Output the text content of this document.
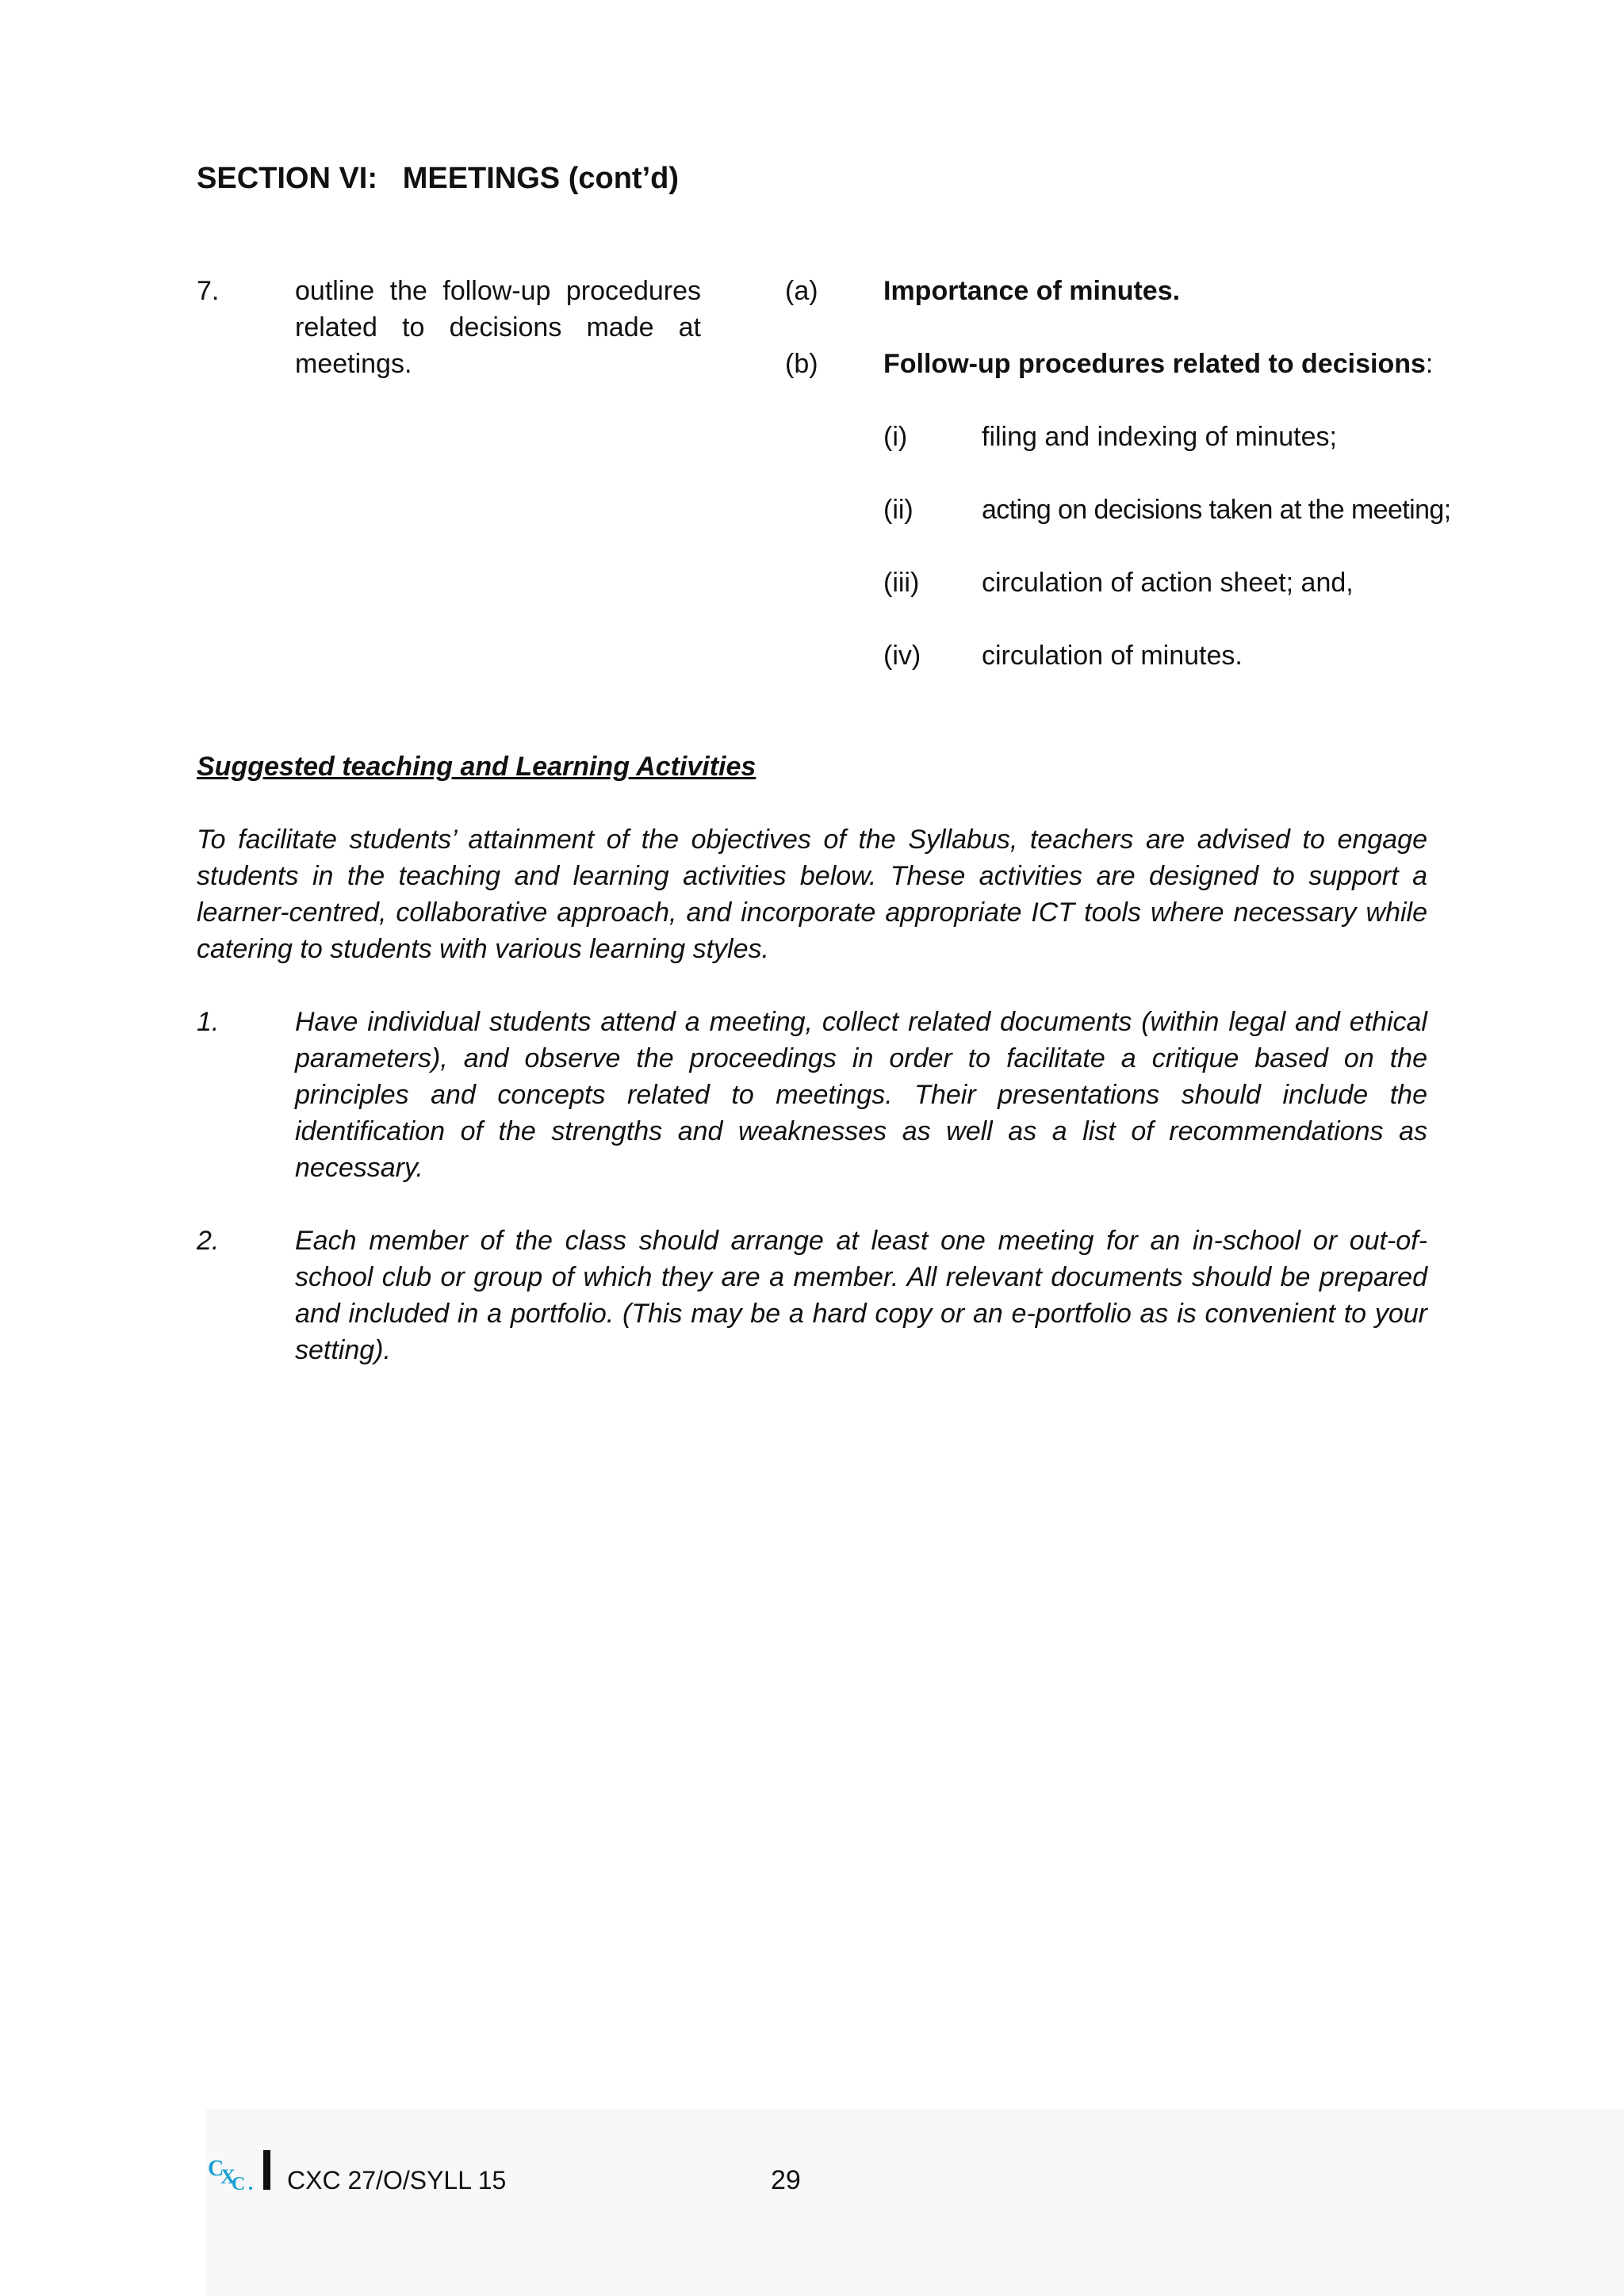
SECTION VI:   MEETINGS (cont’d)
7.	outline the follow-up procedures related to decisions made at meetings.
(a) Importance of minutes.
(b) Follow-up procedures related to decisions:
(i)	filing and indexing of minutes;
(ii)	acting on decisions taken at the meeting;
(iii) circulation of action sheet; and,
(iv) circulation of minutes.
Suggested teaching and Learning Activities
To facilitate students’ attainment of the objectives of the Syllabus, teachers are advised to engage students in the teaching and learning activities below. These activities are designed to support a learner-centred, collaborative approach, and incorporate appropriate ICT tools where necessary while catering to students with various learning styles.
1.	Have individual students attend a meeting, collect related documents (within legal and ethical parameters), and observe the proceedings in order to facilitate a critique based on the principles and concepts related to meetings. Their presentations should include the identification of the strengths and weaknesses as well as a list of recommendations as necessary.
2.	Each member of the class should arrange at least one meeting for an in-school or out-of-school club or group of which they are a member. All relevant documents should be prepared and included in a portfolio. (This may be a hard copy or an e-portfolio as is convenient to your setting).
C
X
C CXC 27/O/SYLL 15	29
